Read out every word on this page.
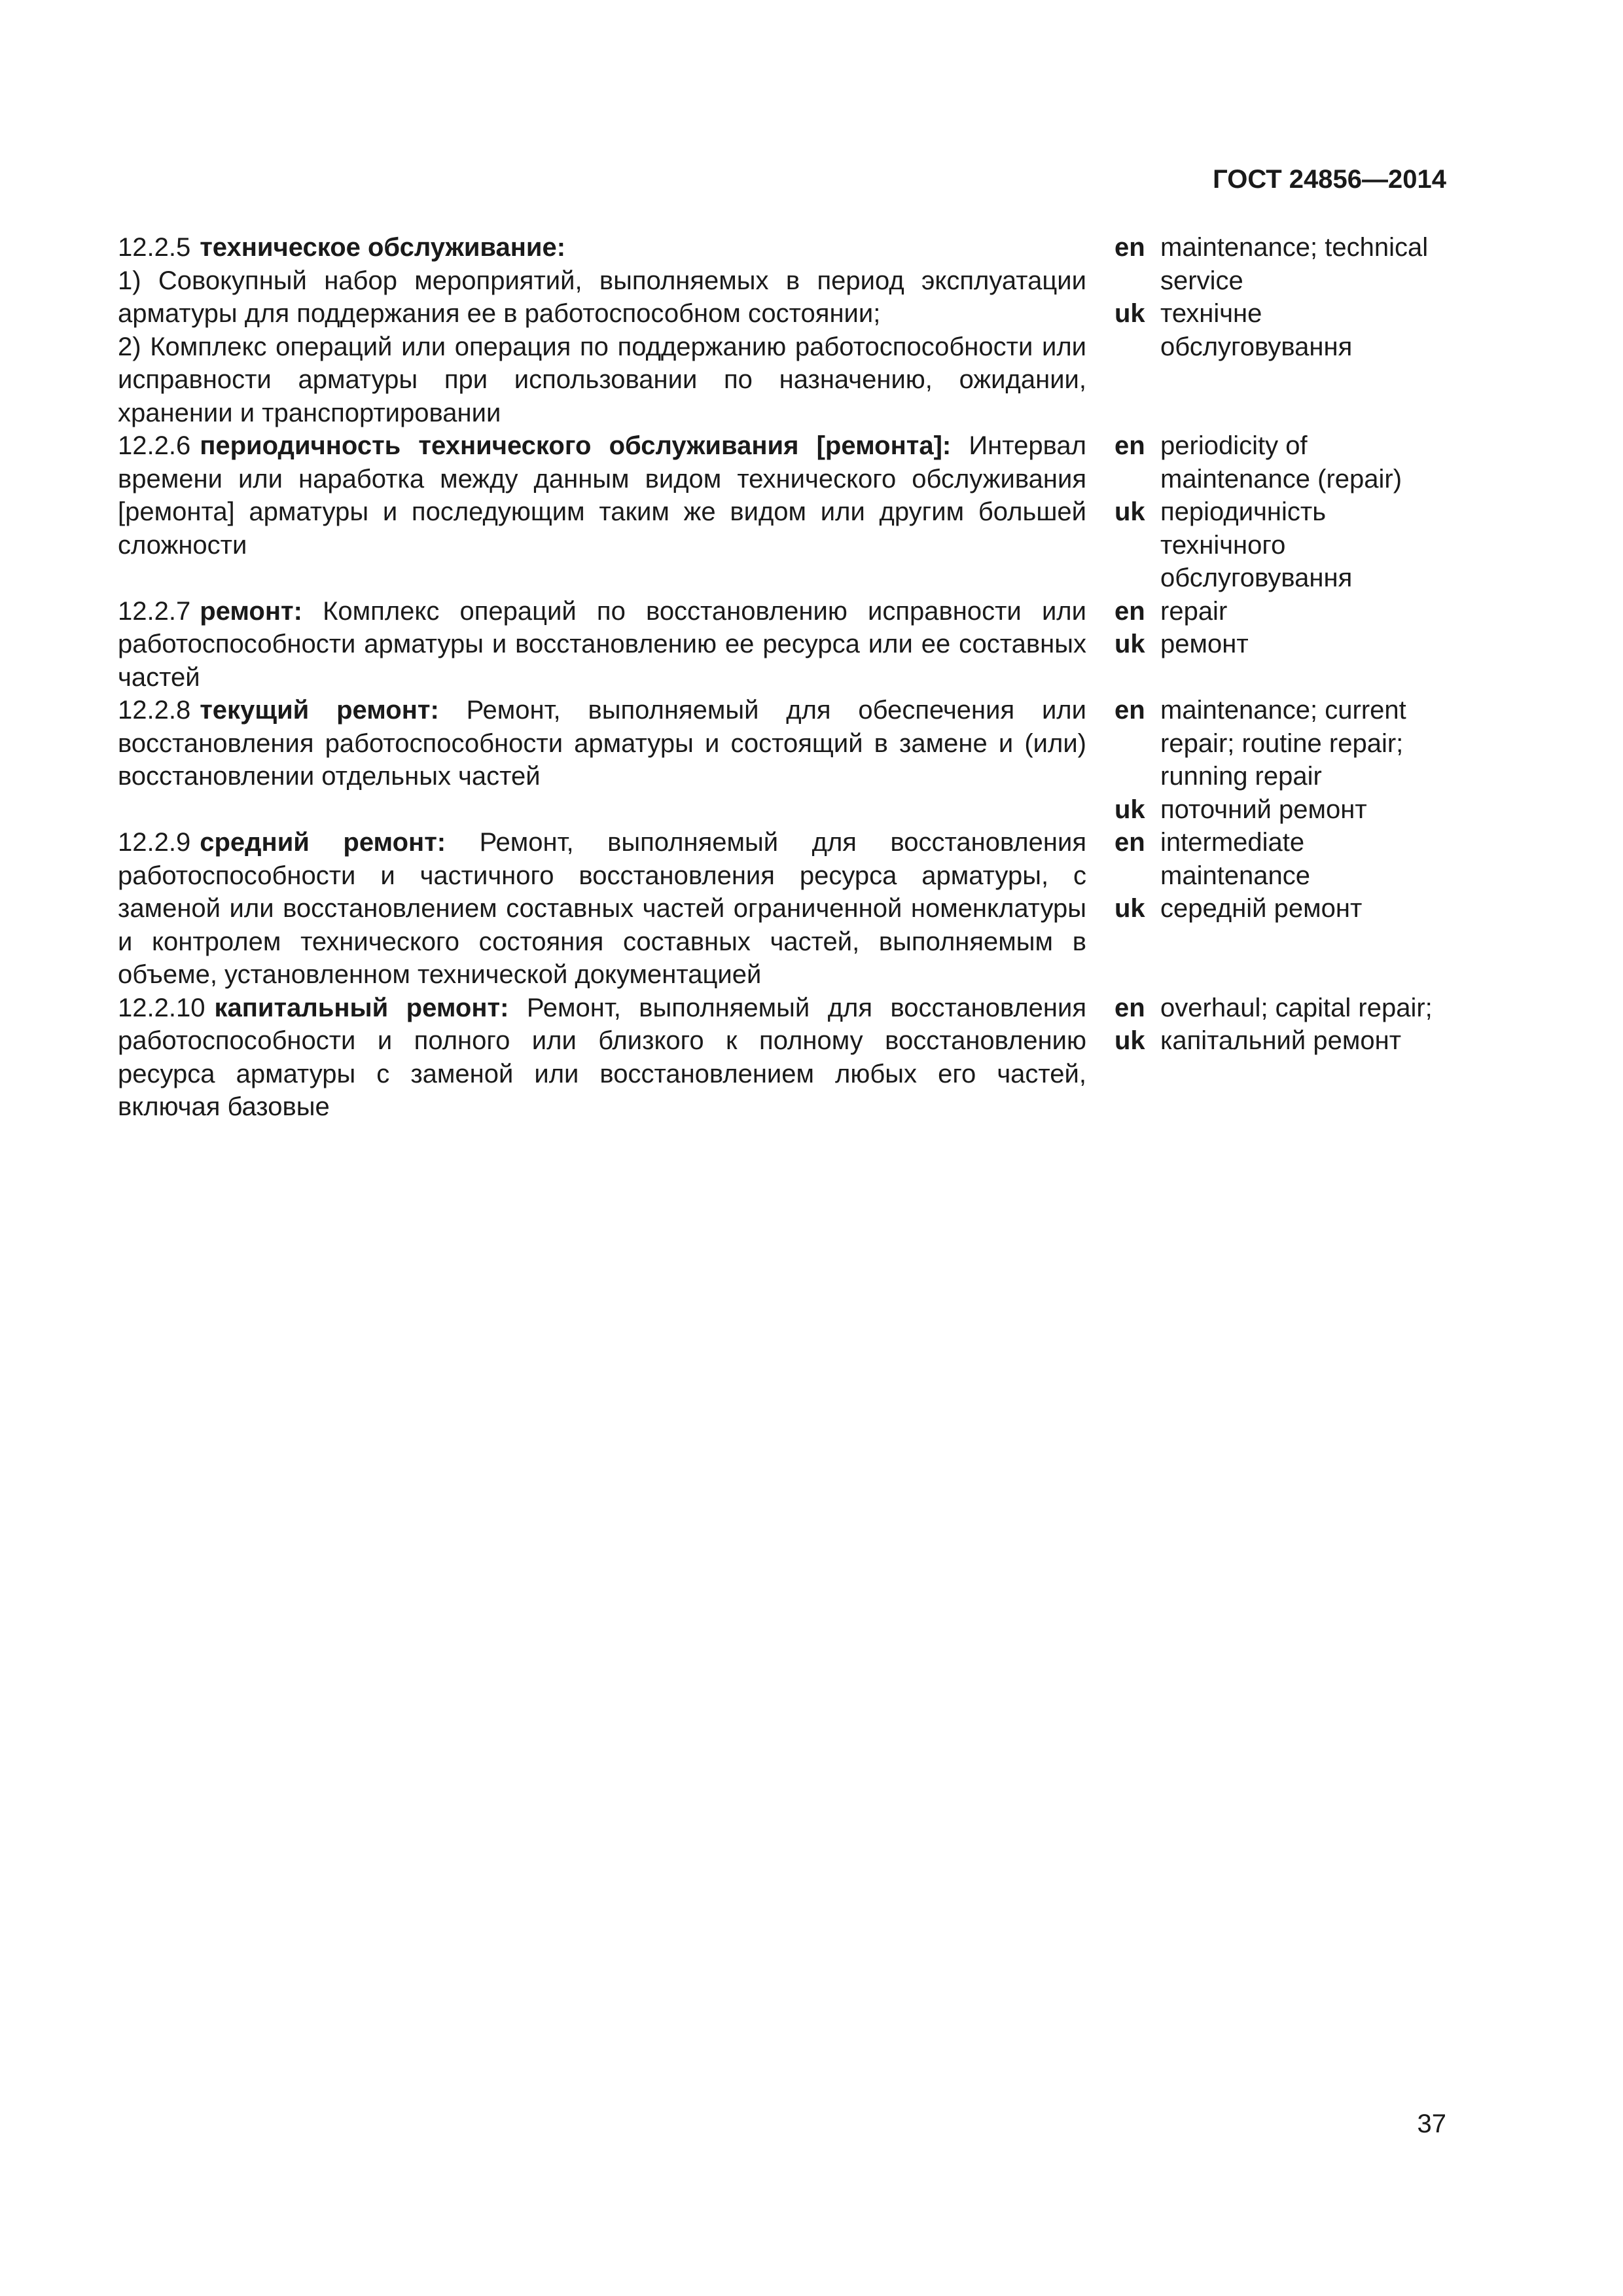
ГОСТ 24856—2014

12.2.5 техническое обслуживание:

1) Совокупный набор мероприятий, выполняемых в период эксплуатации арматуры для поддержания ее в работоспособном состоянии;

2) Комплекс операций или операция по поддержанию работоспособности или исправности арматуры при использовании по назначению, ожидании, хранении и транспортировании

en maintenance; technical service
uk технічне обслуговування

12.2.6 периодичность технического обслуживания [ремонта]: Интервал времени или наработка между данным видом технического обслуживания [ремонта] арматуры и последующим таким же видом или другим большей сложности

en periodicity of maintenance (repair)
uk періодичність технічного обслуговування

12.2.7 ремонт: Комплекс операций по восстановлению исправности или работоспособности арматуры и восстановлению ее ресурса или ее составных частей

en repair
uk ремонт

12.2.8 текущий ремонт: Ремонт, выполняемый для обеспечения или восстановления работоспособности арматуры и состоящий в замене и (или) восстановлении отдельных частей

en maintenance; current repair; routine repair; running repair
uk поточний ремонт

12.2.9 средний ремонт: Ремонт, выполняемый для восстановления работоспособности и частичного восстановления ресурса арматуры, с заменой или восстановлением составных частей ограниченной номенклатуры и контролем технического состояния составных частей, выполняемым в объеме, установленном технической документацией

en intermediate maintenance
uk середній ремонт

12.2.10 капитальный ремонт: Ремонт, выполняемый для восстановления работоспособности и полного или близкого к полному восстановлению ресурса арматуры с заменой или восстановлением любых его частей, включая базовые

en overhaul; capital repair;
uk капітальний ремонт
37
